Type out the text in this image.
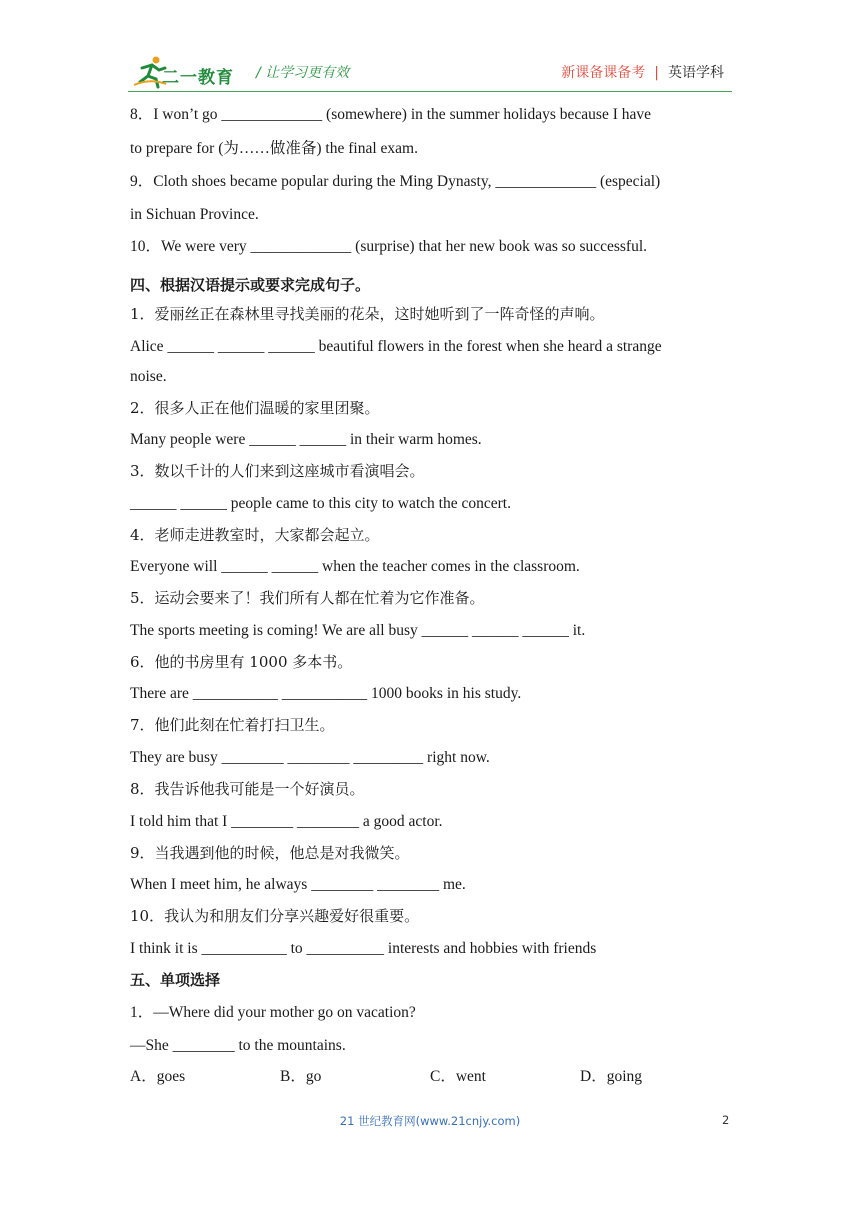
二一教育 / 让学习更有效	新课备课备考 | 英语学科
8．I won’t go _____________ (somewhere) in the summer holidays because I have
to prepare for (为……做准备) the final exam.
9．Cloth shoes became popular during the Ming Dynasty, _____________ (especial)
in Sichuan Province.
10．We were very _____________ (surprise) that her new book was so successful.
四、根据汉语提示或要求完成句子。
1．爱丽丝正在森林里寻找美丽的花朵，这时她听到了一阵奇怪的声响。
Alice ______ ______ ______ beautiful flowers in the forest when she heard a strange
noise.
2．很多人正在他们温暖的家里团聚。
Many people were ______ ______ in their warm homes.
3．数以千计的人们来到这座城市看演唱会。
______ ______ people came to this city to watch the concert.
4．老师走进教室时，大家都会起立。
Everyone will ______ ______ when the teacher comes in the classroom.
5．运动会要来了！我们所有人都在忙着为它作准备。
The sports meeting is coming! We are all busy ______ ______ ______ it.
6．他的书房里有 1000 多本书。
There are ___________ ___________ 1000 books in his study.
7．他们此刻在忙着打扫卫生。
They are busy ________ ________ _________ right now.
8．我告诉他我可能是一个好演员。
I told him that I ________ ________ a good actor.
9．当我遇到他的时候，他总是对我微笑。
When I meet him, he always ________ ________ me.
10．我认为和朋友们分享兴趣爱好很重要。
I think it is ___________ to __________ interests and hobbies with friends
五、单项选择
1．—Where did your mother go on vacation?
—She ________ to the mountains.
A．goes	B．go	C．went	D．going
21 世纪教育网(www.21cnjy.com)	2
